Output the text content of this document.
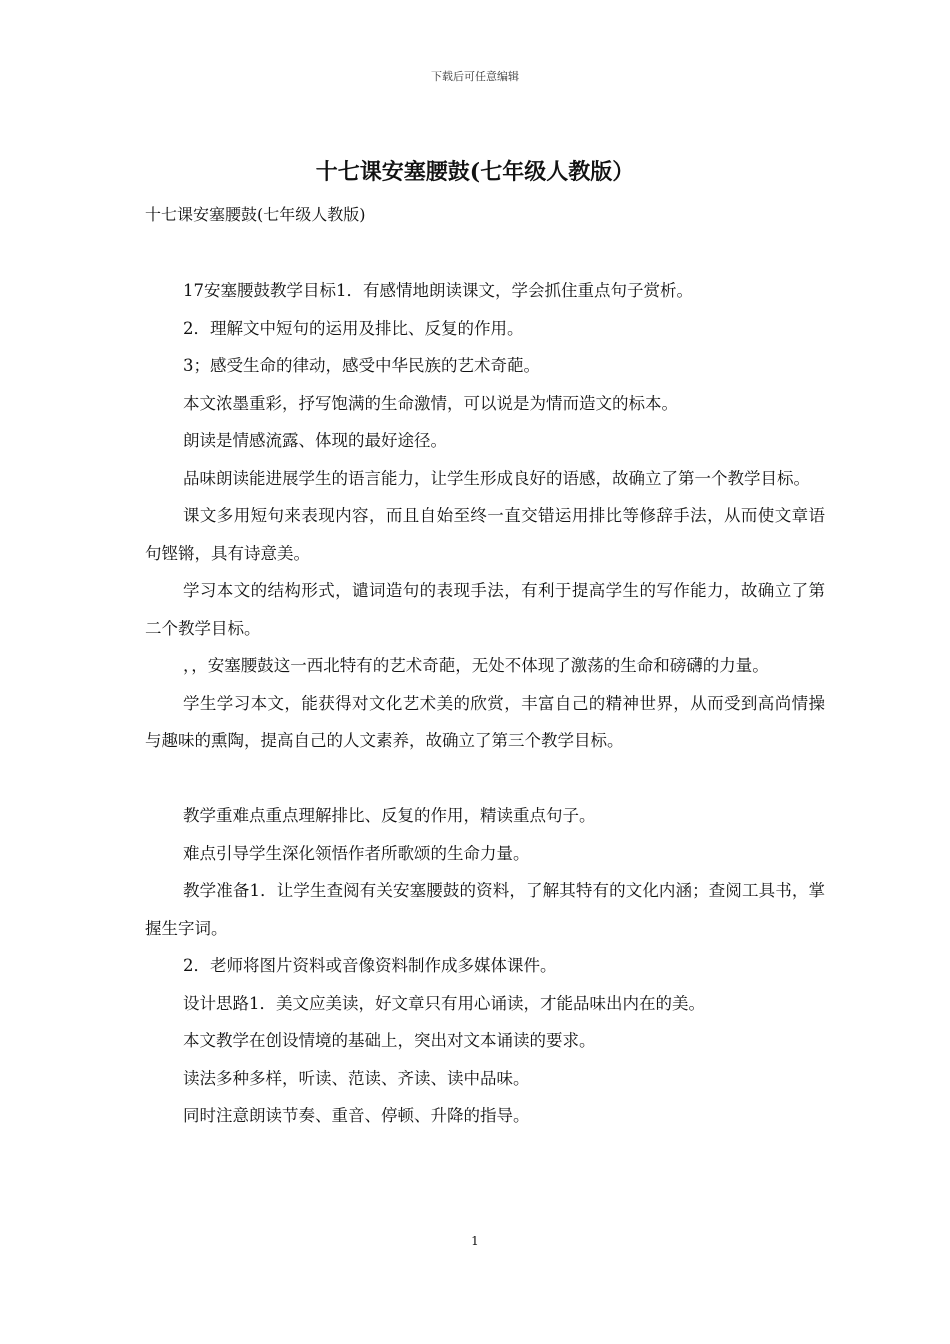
下载后可任意编辑
十七课安塞腰鼓(七年级人教版）

十七课安塞腰鼓(七年级人教版)

17安塞腰鼓教学目标1．有感情地朗读课文，学会抓住重点句子赏析。

2．理解文中短句的运用及排比、反复的作用。

3；感受生命的律动，感受中华民族的艺术奇葩。

本文浓墨重彩，抒写饱满的生命激情，可以说是为情而造文的标本。

朗读是情感流露、体现的最好途径。

品味朗读能进展学生的语言能力，让学生形成良好的语感，故确立了第一个教学目标。

课文多用短句来表现内容，而且自始至终一直交错运用排比等修辞手法，从而使文章语句铿锵，具有诗意美。

学习本文的结构形式，谴词造句的表现手法，有利于提高学生的写作能力，故确立了第二个教学目标。

，，安塞腰鼓这一西北特有的艺术奇葩，无处不体现了激荡的生命和磅礴的力量。

学生学习本文，能获得对文化艺术美的欣赏，丰富自己的精神世界，从而受到高尚情操与趣味的熏陶，提高自己的人文素养，故确立了第三个教学目标。

教学重难点重点理解排比、反复的作用，精读重点句子。

难点引导学生深化领悟作者所歌颂的生命力量。

教学准备1．让学生查阅有关安塞腰鼓的资料，了解其特有的文化内涵；查阅工具书，掌握生字词。

2．老师将图片资料或音像资料制作成多媒体课件。

设计思路1．美文应美读，好文章只有用心诵读，才能品味出内在的美。

本文教学在创设情境的基础上，突出对文本诵读的要求。

读法多种多样，听读、范读、齐读、读中品味。

同时注意朗读节奏、重音、停顿、升降的指导。

1
